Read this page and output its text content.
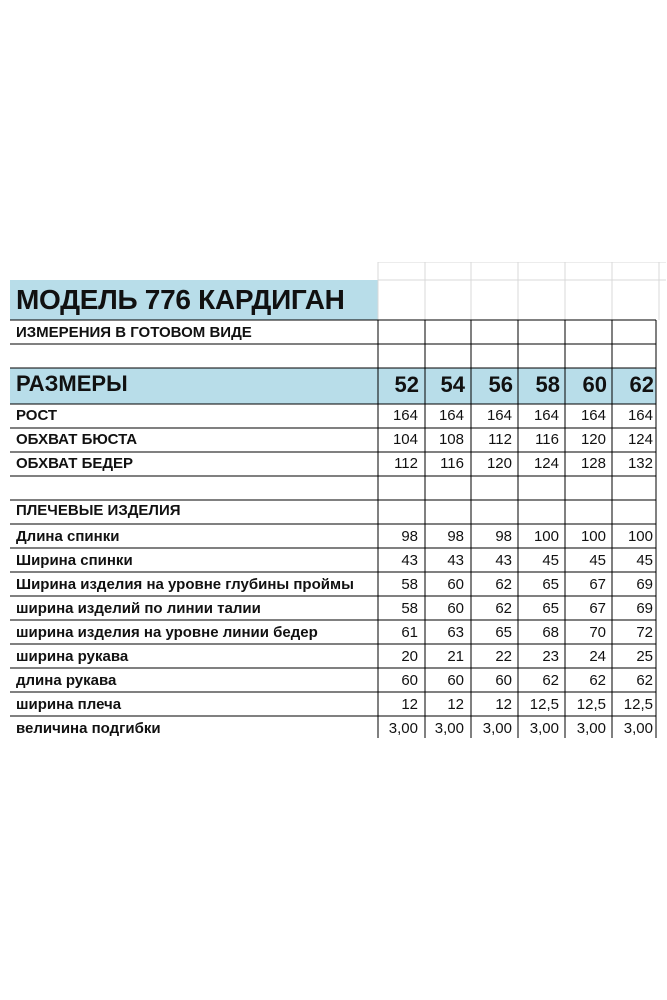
МОДЕЛЬ 776 КАРДИГАН
ИЗМЕРЕНИЯ В ГОТОВОМ ВИДЕ
РАЗМЕРЫ	52 54	56	58	60	62
РОСТ	164	164	164	164	164	164
ОБХВАТ БЮСТА	104	108	112	116	120	124
ОБХВАТ БЕДЕР	112	116	120	124	128	132
ПЛЕЧЕВЫЕ ИЗДЕЛИЯ
Длина спинки	98	98	98	100	100	100
Ширина спинки	43	43	43	45	45	45
Ширина изделия на уровне глубины проймы	58	60	62	65	67	69
ширина изделий по линии талии	58	60	62	65	67	69
ширина изделия на уровне линии бедер	61	63	65	68	70	72
ширина рукава	20	21	22	23	24	25
длина рукава	60	60	60	62	62	62
ширина плеча	12	12	12	12,5	12,5	12,5
величина подгибки	3,00	3,00	3,00	3,00	3,00	3,00
